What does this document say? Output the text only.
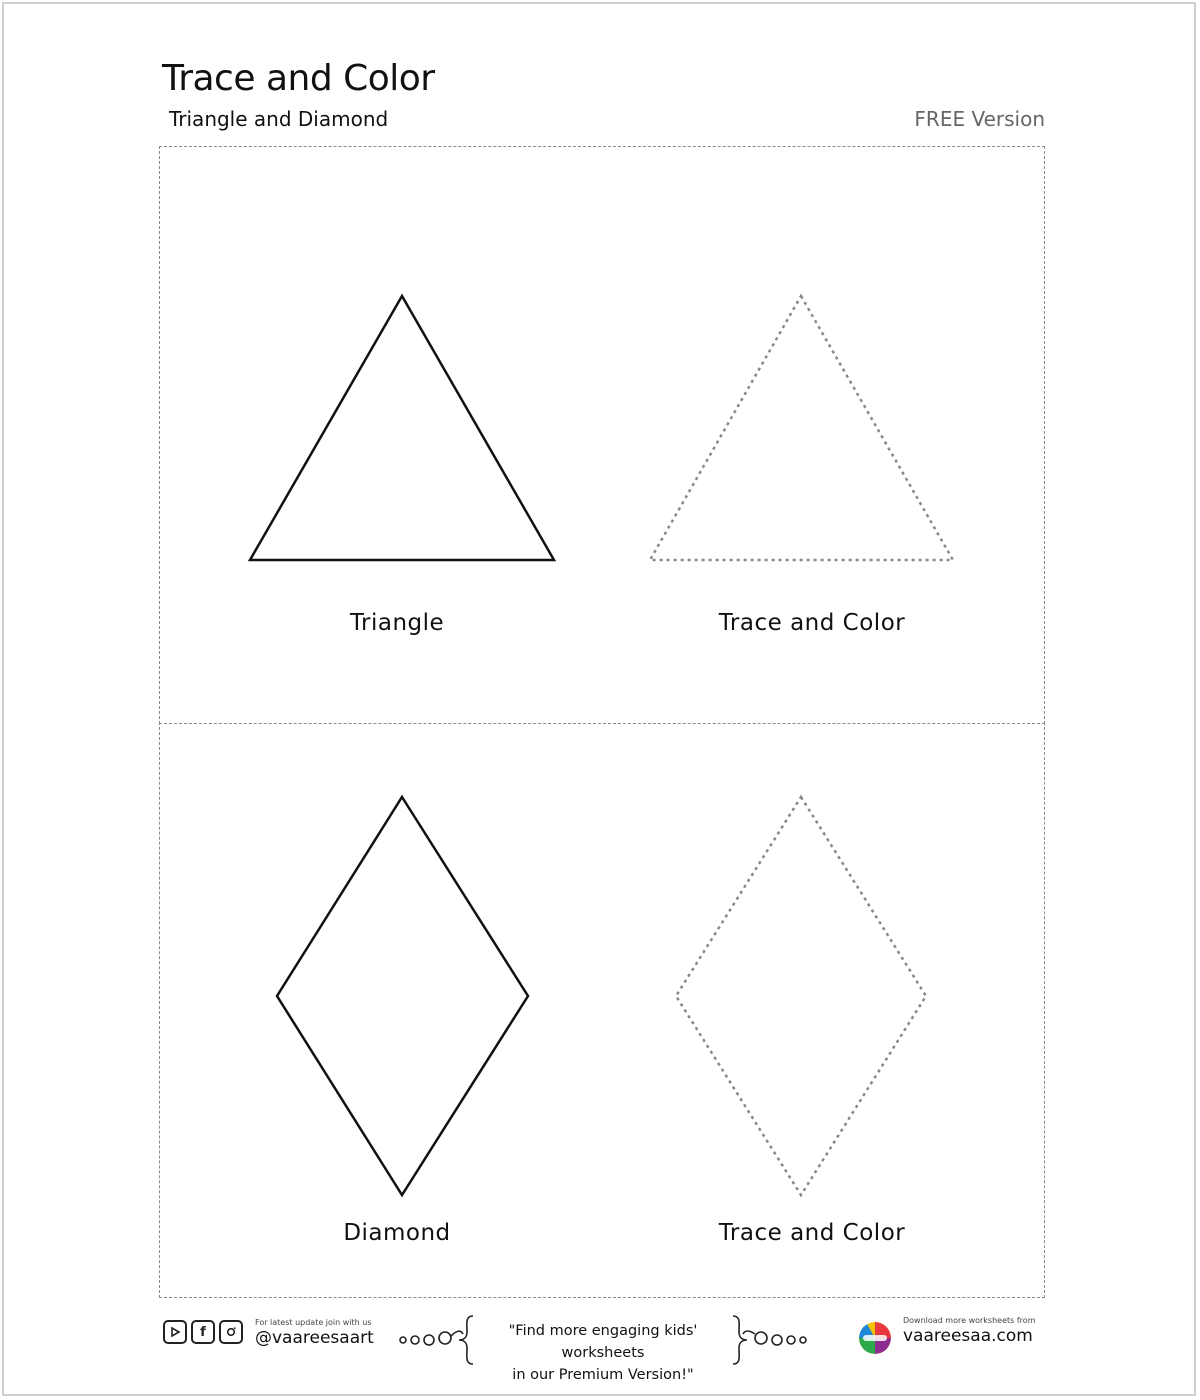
Trace and Color
Triangle and Diamond	FREE Version
Triangle	Trace and Color
Diamond	Trace and Color
f
For latest update join with us
@vaareesaart	"Find more engaging kids' worksheets
in our Premium Version!"
Download more worksheets from
vaareesaa.com
